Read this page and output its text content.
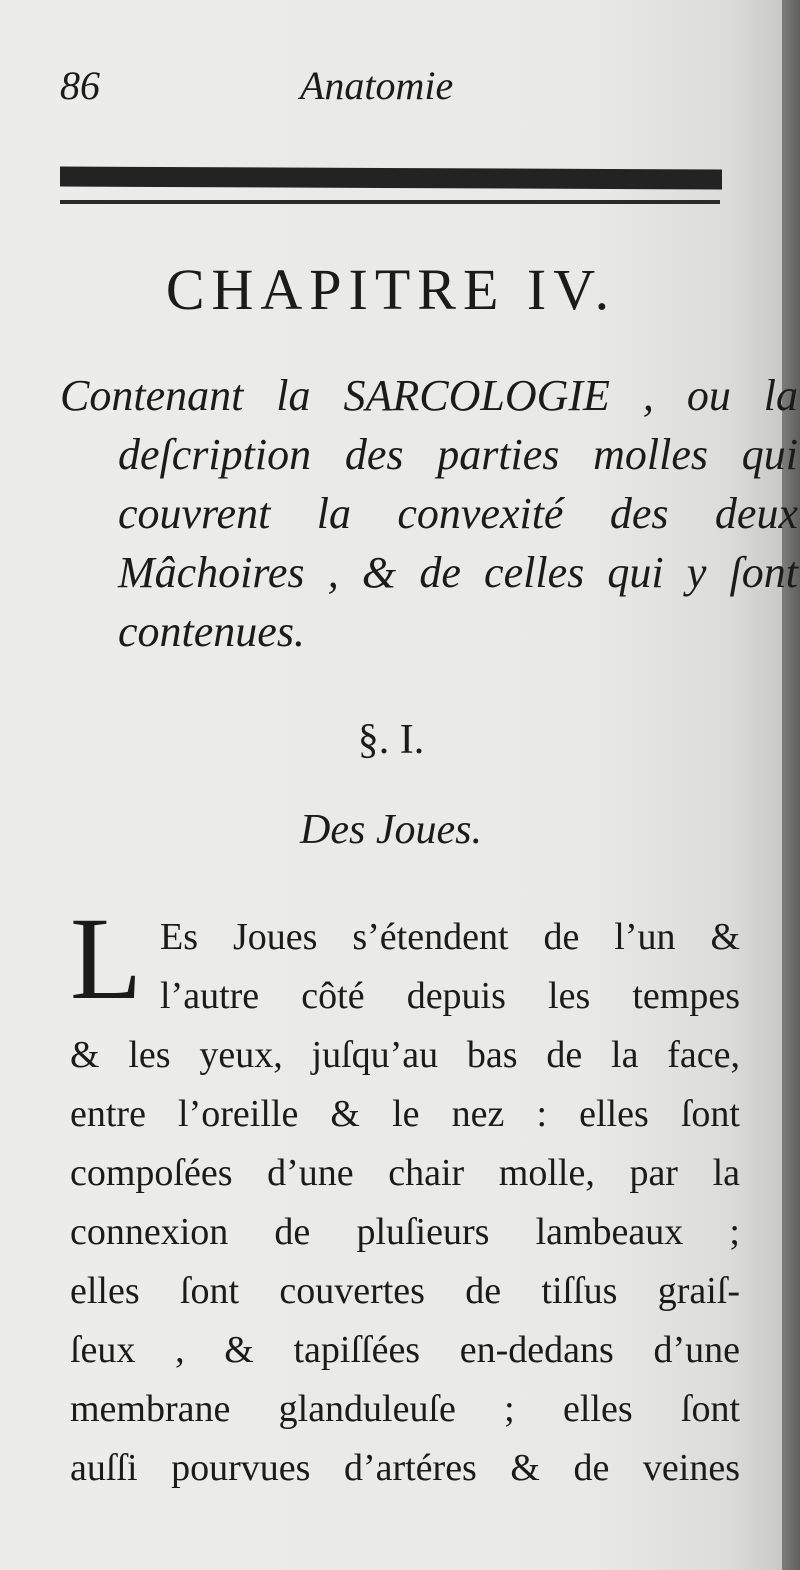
86	Anatomie
CHAPITRE IV.
Contenant la SARCOLOGIE , ou la deſcription des parties molles qui couvrent la convexité des deux Mâchoires , & de celles qui y ſont contenues.
§. I.
Des Joues.
L Es Joues s’étendent de l’un &
l’autre côté depuis les tempes
& les yeux, juſqu’au bas de la face,
entre l’oreille & le nez : elles ſont
compoſées d’une chair molle, par la
connexion de pluſieurs lambeaux ;
elles ſont couvertes de tiſſus graiſ-
ſeux , & tapiſſées en-dedans d’une
membrane glanduleuſe ; elles ſont
auſſi pourvues d’artéres & de veines
